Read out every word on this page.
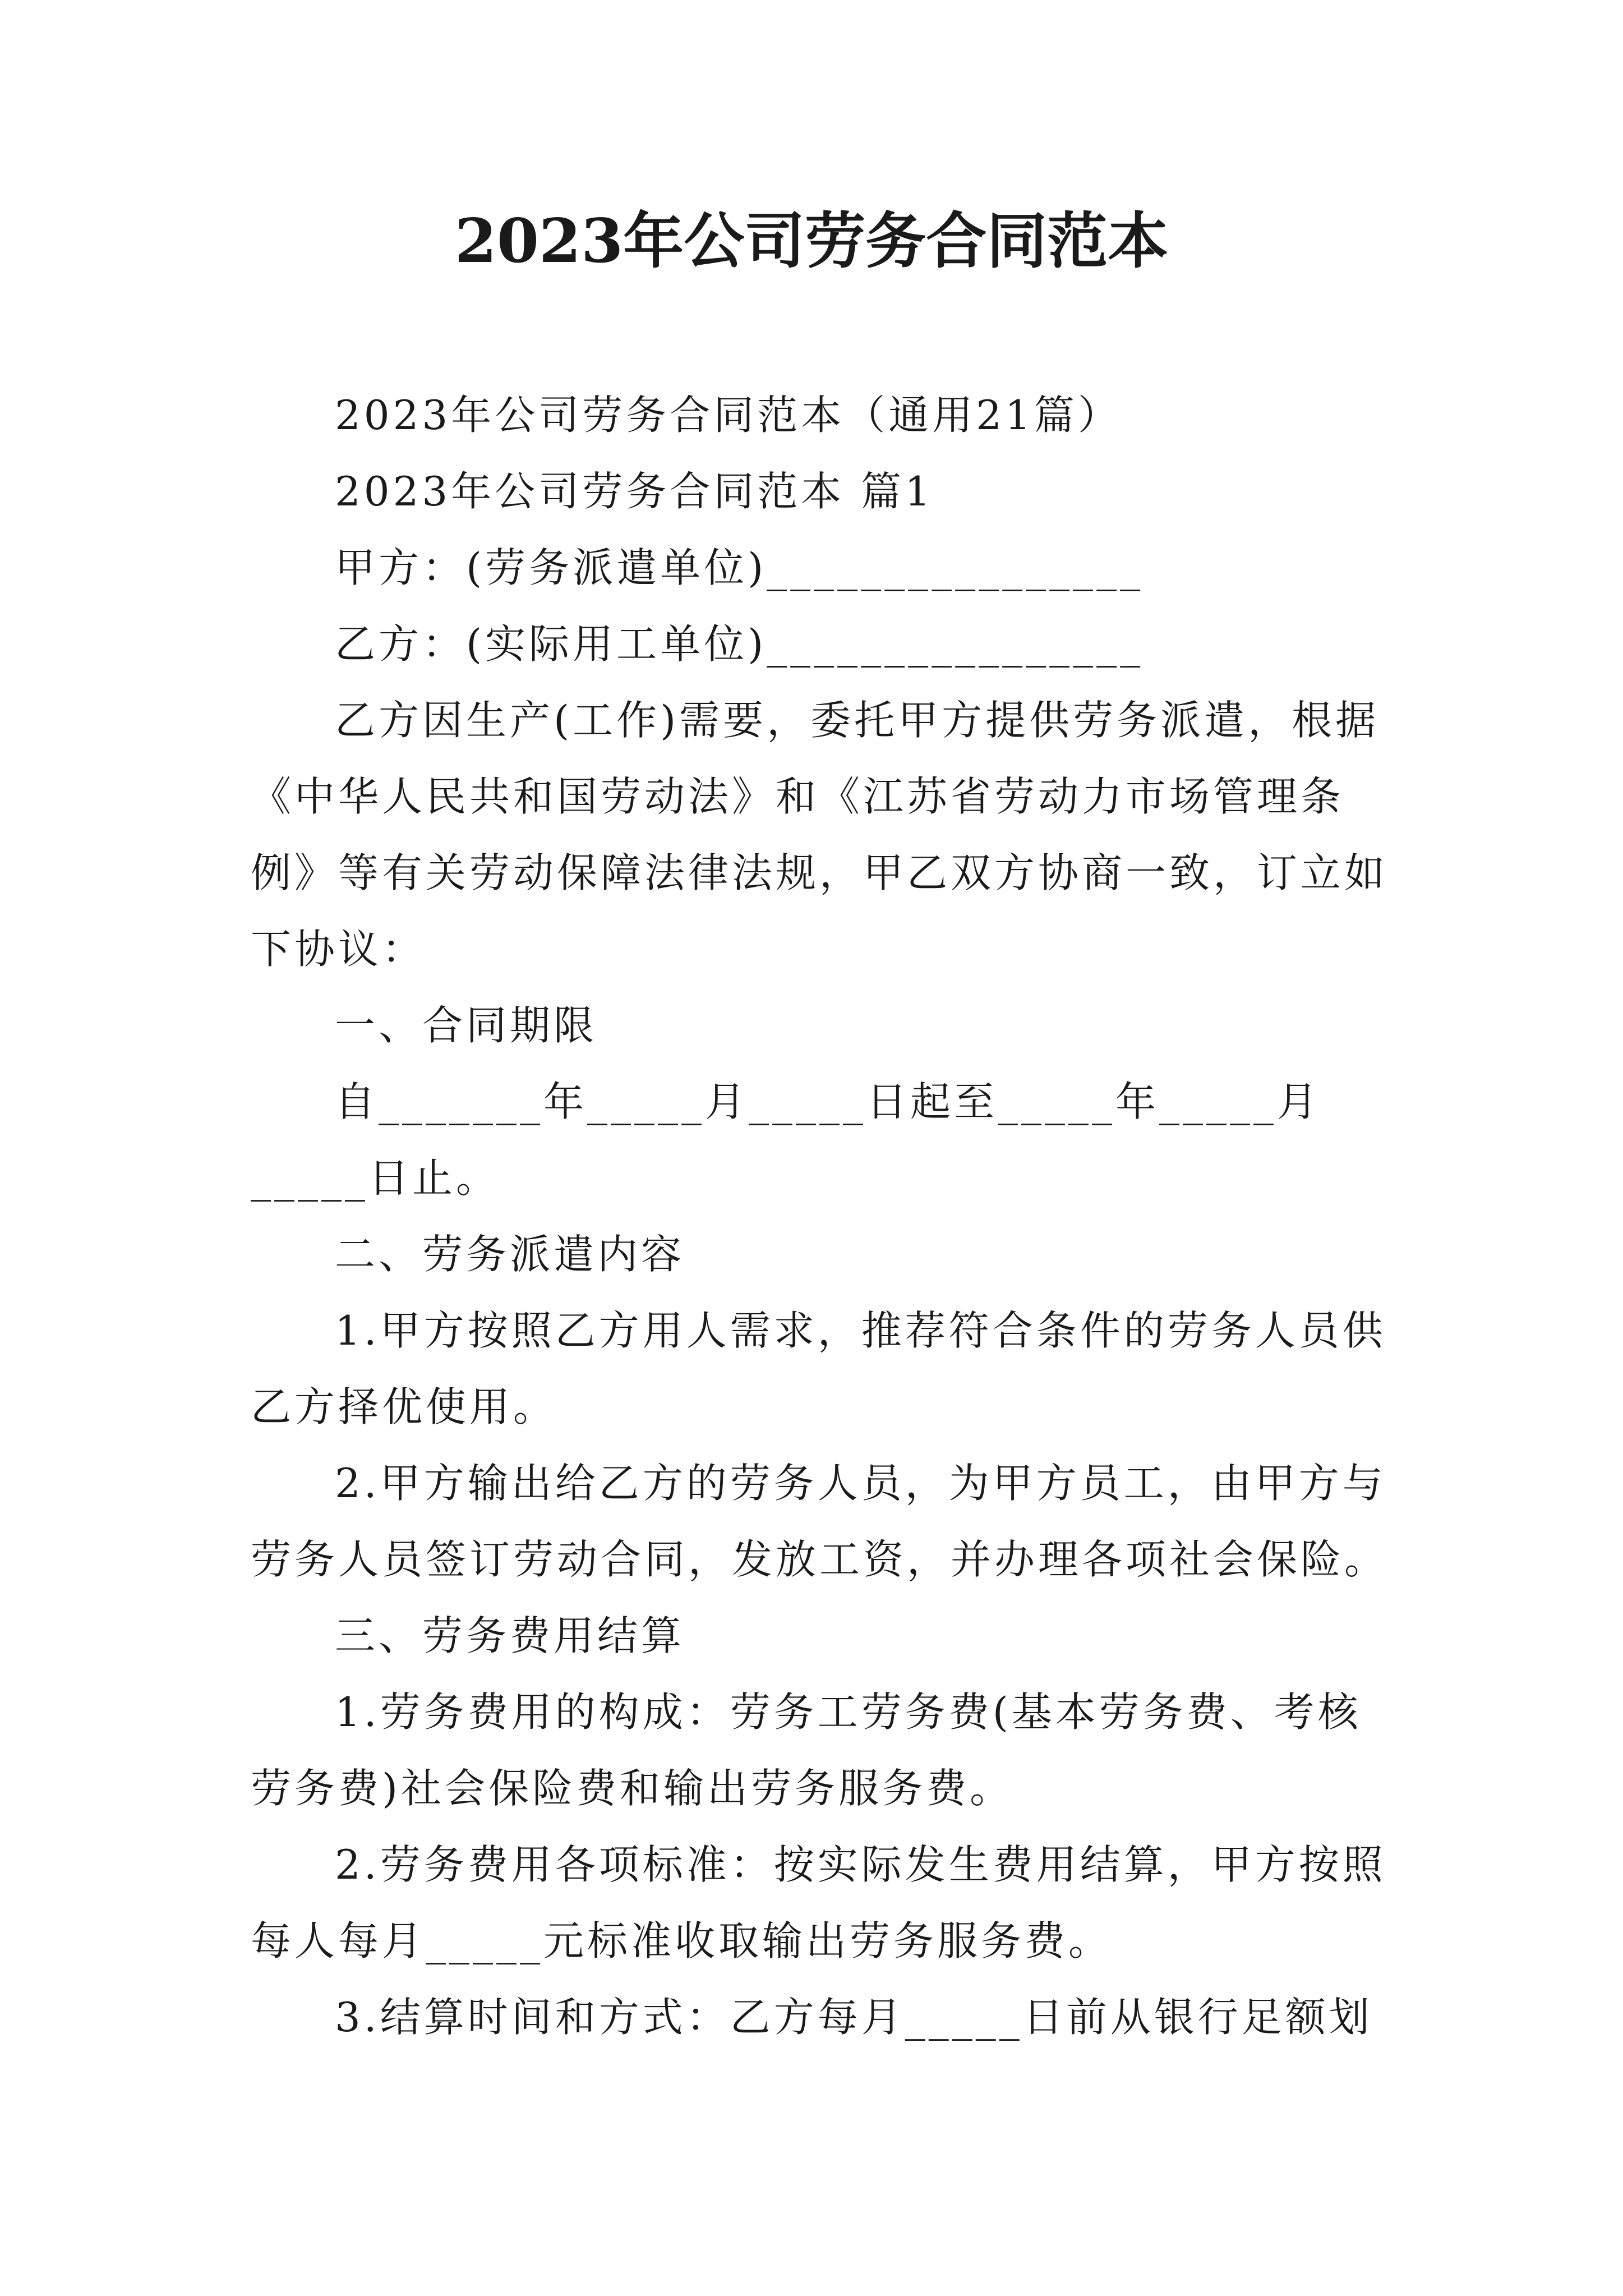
2023年公司劳务合同范本

2023年公司劳务合同范本（通用21篇）

2023年公司劳务合同范本 篇1

甲方：(劳务派遣单位)________________

乙方：(实际用工单位)________________

乙方因生产(工作)需要，委托甲方提供劳务派遣，根据《中华人民共和国劳动法》和《江苏省劳动力市场管理条例》等有关劳动保障法律法规，甲乙双方协商一致，订立如下协议：

一、合同期限

自_______年_____月_____日起至_____年_____月_____日止。

二、劳务派遣内容

1.甲方按照乙方用人需求，推荐符合条件的劳务人员供乙方择优使用。

2.甲方输出给乙方的劳务人员，为甲方员工，由甲方与劳务人员签订劳动合同，发放工资，并办理各项社会保险。

三、劳务费用结算

1.劳务费用的构成：劳务工劳务费(基本劳务费、考核劳务费)社会保险费和输出劳务服务费。

2.劳务费用各项标准：按实际发生费用结算，甲方按照每人每月_____元标准收取输出劳务服务费。

3.结算时间和方式：乙方每月_____日前从银行足额划
